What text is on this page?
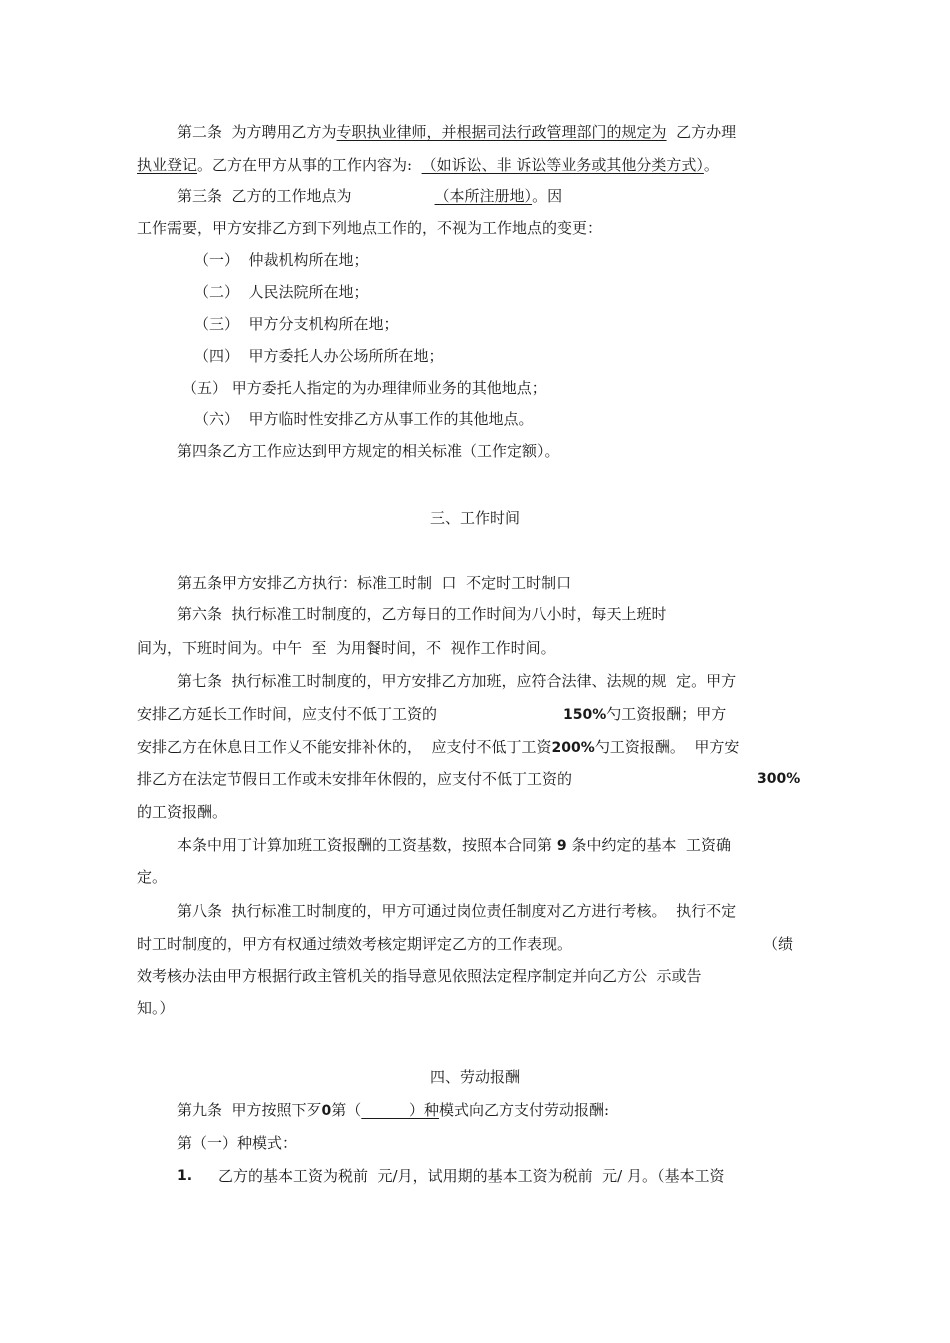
第二条  为方聘用乙方为专职执业律师，并根据司法行政管理部门的规定为  乙方办理
执业登记。乙方在甲方从事的工作内容为:  （如诉讼、非 诉讼等业务或其他分类方式）。
第三条  乙方的工作地点为	（本所注册地）。因
工作需要，甲方安排乙方到下列地点工作的，不视为工作地点的变更：
（一）  仲裁机构所在地；
（二）  人民法院所在地；
（三）  甲方分支机构所在地；
（四）  甲方委托人办公场所所在地；
（五） 甲方委托人指定的为办理律师业务的其他地点；
（六）  甲方临时性安排乙方从事工作的其他地点。
第四条乙方工作应达到甲方规定的相关标准（工作定额）。
三、工作时间
第五条甲方安排乙方执行：标准工时制  口  不定时工时制口
第六条  执行标准工时制度的，乙方每日的工作时间为八小时，每天上班时
间为，下班时间为。中午  至  为用餐时间，不  视作工作时间。
第七条  执行标准工时制度的，甲方安排乙方加班，应符合法律、法规的规  定。甲方
安排乙方延长工作时间，应支付不低丁工资的	150%勺工资报酬；甲方
安排乙方在休息日工作乂不能安排补休的，  应支付不低丁工资200%勺工资报酬。  甲方安
排乙方在法定节假日工作或未安排年休假的，应支付不低丁工资的	300%
的工资报酬。
本条中用丁计算加班工资报酬的工资基数，按照本合同第 9 条中约定的基本  工资确
定。
第八条  执行标准工时制度的，甲方可通过岗位责任制度对乙方进行考核。  执行不定
时工时制度的，甲方有权通过绩效考核定期评定乙方的工作表现。	（绩
效考核办法由甲方根据行政主管机关的指导意见依照法定程序制定并向乙方公  示或告
知。）
四、劳动报酬
第九条  甲方按照下歹0第（          ）种模式向乙方支付劳动报酬:
第（一）种模式：
1. 乙方的基本工资为税前  元/月，试用期的基本工资为税前  元/ 月。（基本工资
